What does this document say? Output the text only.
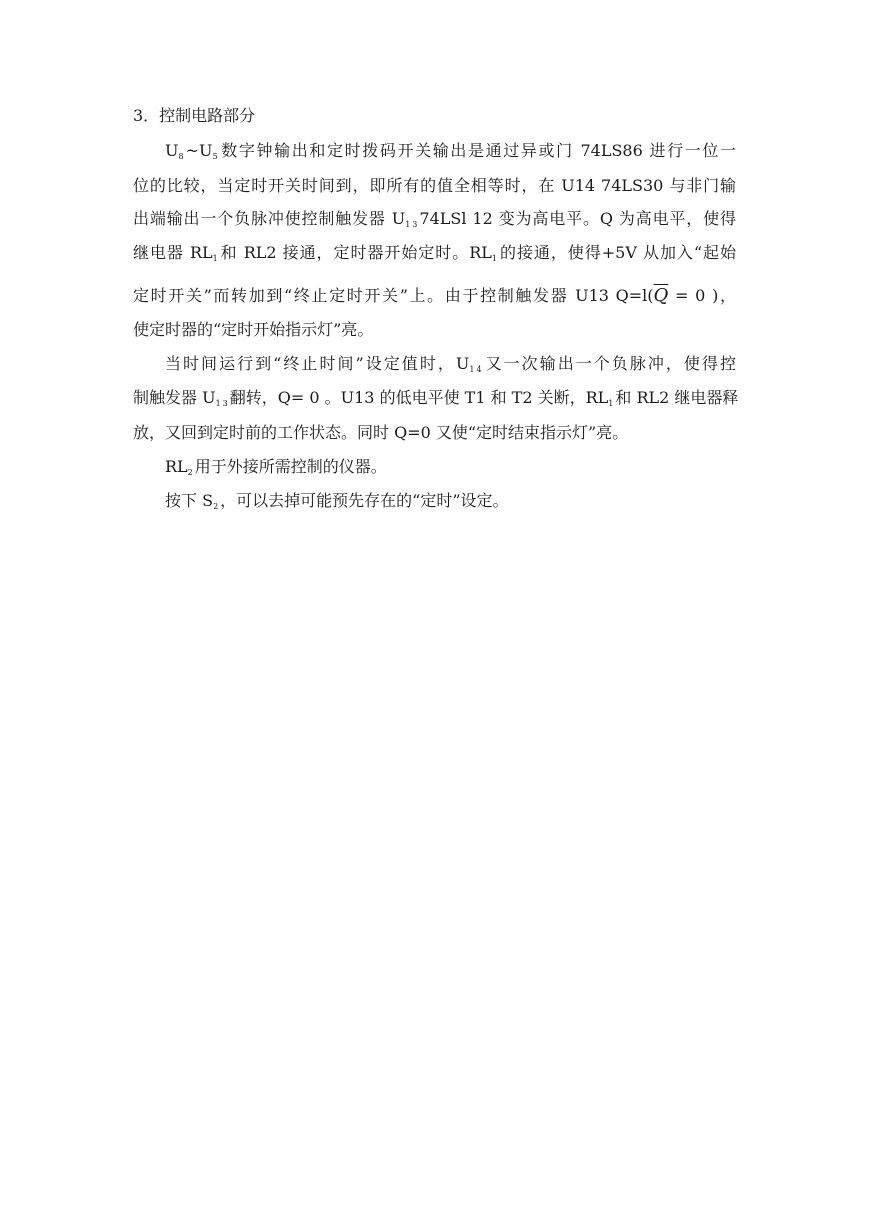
3．控制电路部分
$U_8\sim U_5$数字钟输出和定时拨码开关输出是通过异或门 74LS86 进行一位一
位的比较，当定时开关时间到，即所有的值全相等时，在 U14 74LS30 与非门输
出端输出一个负脉冲使控制触发器 $U_{13}74LSl$ 12 变为高电平。Q 为高电平，使得
继电器 $RL_1$和 RL2 接通，定时器开始定时。$RL_1$的接通，使得+5V 从加入“起始
定时开关”而转加到“终止定时开关”上。由于控制触发器 U13 $Q=l(\overline{Q} = 0$ )，
使定时器的“定时开始指示灯”亮。
当时间运行到“终止时间”设定值时，$U_{14}$又一次输出一个负脉冲，使得控
制触发器 $U_{13}$翻转，Q= 0 。U13 的低电平使 T1 和 T2 关断，$RL_1$和 RL2 继电器释
放，又回到定时前的工作状态。同时 Q=0 又使“定时结束指示灯”亮。
$RL_2$用于外接所需控制的仪器。
按下 $S_2$，可以去掉可能预先存在的“定时”设定。
